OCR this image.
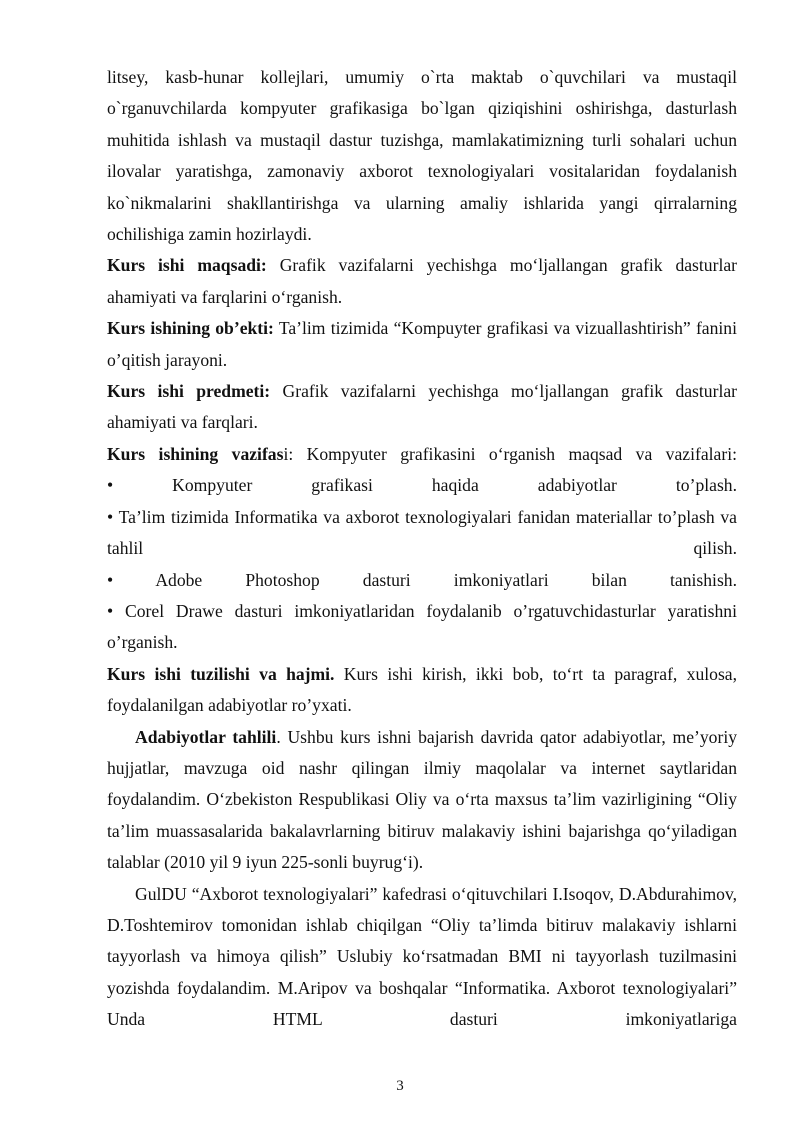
litsey, kasb-hunar kollejlari, umumiy o`rta maktab o`quvchilari va mustaqil o`rganuvchilarda kompyuter grafikasiga bo`lgan qiziqishini oshirishga, dasturlash muhitida ishlash va mustaqil dastur tuzishga, mamlakatimizning turli sohalari uchun ilovalar yaratishga, zamonaviy axborot texnologiyalari vositalaridan foydalanish ko`nikmalarini shakllantirishga va ularning amaliy ishlarida yangi qirralarning ochilishiga zamin hozirlaydi.

Kurs ishi maqsadi: Grafik vazifalarni yechishga mo‘ljallangan grafik dasturlar ahamiyati va farqlarini o‘rganish.

Kurs ishining ob’ekti: Ta’lim tizimida “Kompuyter grafikasi va vizuallashtirish” fanini o’qitish jarayoni.

Kurs ishi predmeti: Grafik vazifalarni yechishga mo‘ljallangan grafik dasturlar ahamiyati va farqlari.

Kurs ishining vazifasi: Kompyuter grafikasini o‘rganish maqsad va vazifalari:

• Kompyuter grafikasi haqida adabiyotlar to’plash.

• Ta’lim tizimida Informatika va axborot texnologiyalari fanidan materiallar to’plash va tahlil qilish.

• Adobe Photoshop dasturi imkoniyatlari bilan tanishish.

• Corel Drawe dasturi imkoniyatlaridan foydalanib o’rgatuvchidasturlar yaratishni o’rganish.

Kurs ishi tuzilishi va hajmi. Kurs ishi kirish, ikki bob, to‘rt ta paragraf, xulosa, foydalanilgan adabiyotlar ro’yxati.

Adabiyotlar tahlili. Ushbu kurs ishni bajarish davrida qator adabiyotlar, me’yoriy hujjatlar, mavzuga oid nashr qilingan ilmiy maqolalar va internet saytlaridan foydalandim. O‘zbekiston Respublikasi Oliy va o‘rta maxsus ta’lim vazirligining “Oliy ta’lim muassasalarida bakalavrlarning bitiruv malakaviy ishini bajarishga qo‘yiladigan talablar (2010 yil 9 iyun 225-sonli buyrug‘i).

GulDU “Axborot texnologiyalari” kafedrasi o‘qituvchilari I.Isoqov, D.Abdurahimov, D.Toshtemirov tomonidan ishlab chiqilgan “Oliy ta’limda bitiruv malakaviy ishlarni tayyorlash va himoya qilish” Uslubiy ko‘rsatmadan BMI ni tayyorlash tuzilmasini yozishda foydalandim. M.Aripov va boshqalar “Informatika. Axborot texnologiyalari” Unda HTML dasturi imkoniyatlariga

3
